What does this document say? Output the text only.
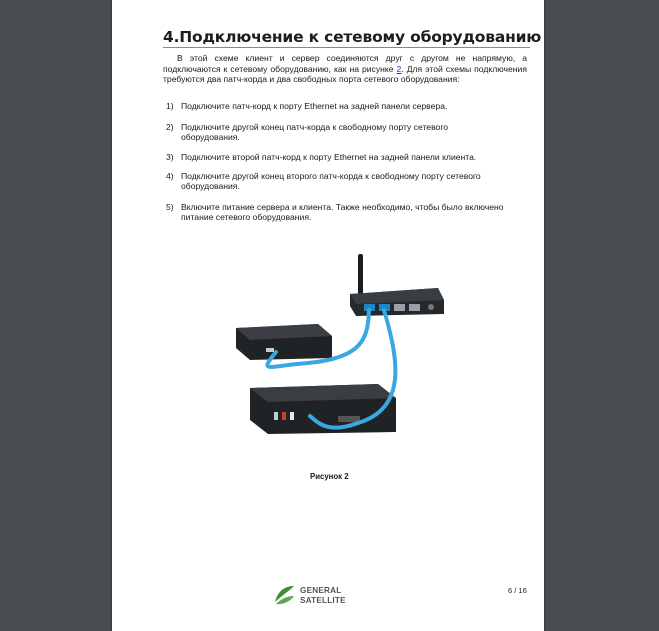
4.Подключение к сетевому оборудованию

В этой схеме клиент и сервер соединяются друг с другом не напрямую, а подключаются к сетевому оборудованию, как на рисунке 2. Для этой схемы подключения требуются два патч-корда и два свободных порта сетевого оборудования:

1) Подключите патч-корд к порту Ethernet на задней панели сервера.
2) Подключите другой конец патч-корда к свободному порту сетевого оборудования.
3) Подключите второй патч-корд к порту Ethernet на задней панели клиента.
4) Подключите другой конец второго патч-корда к свободному порту сетевого оборудования.
5) Включите питание сервера и клиента. Также необходимо, чтобы было включено питание сетевого оборудования.
Рисунок 2
GENERAL
SATELLITE
6 / 16
